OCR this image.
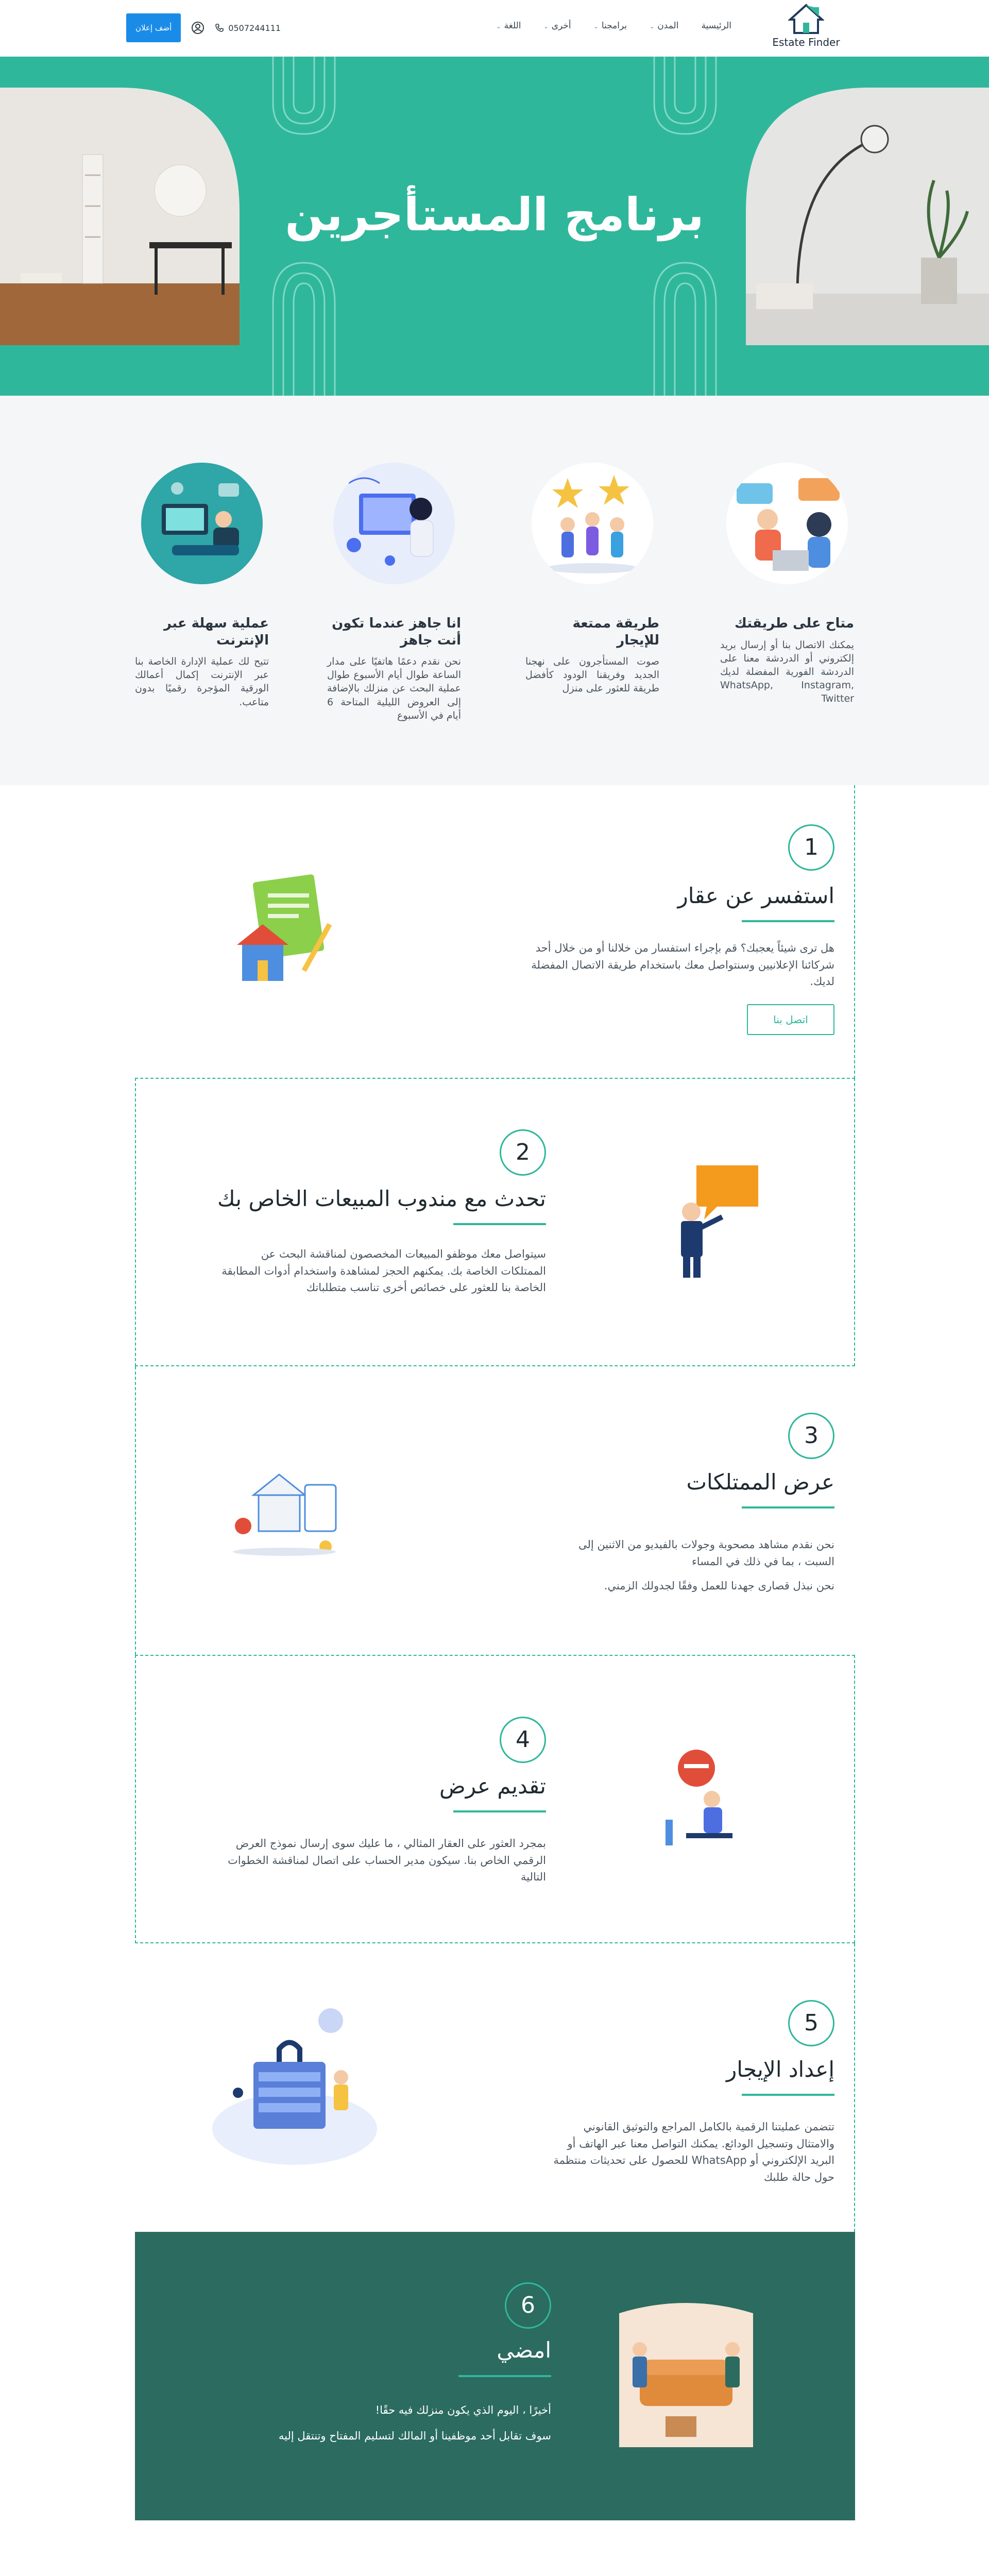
Estate Finder
الرئيسية
المدن⌄
برامجنا⌄
أخرى⌄
اللغة⌄
أضف إعلان	0507244111
برنامج المستأجرين
متاح على طريقتك

يمكنك الاتصال بنا أو إرسال بريد إلكتروني أو الدردشة معنا على الدردشة الفورية المفضلة لديك WhatsApp, Instagram, Twitter

طريقة ممتعة للإيجار

صوت المستأجرون على نهجنا الجديد وفريقنا الودود كأفضل طريقة للعثور على منزل

انا جاهز عندما تكون أنت جاهز

نحن نقدم دعمًا هاتفيًا على مدار الساعة طوال أيام الأسبوع طوال عملية البحث عن منزلك بالإضافة إلى العروض الليلية المتاحة 6 أيام في الأسبوع

عملية سهلة عبر الإنترنت

تتيح لك عملية الإدارة الخاصة بنا عبر الإنترنت إكمال أعمالك الورقية المؤجرة رقميًا بدون متاعب.

1
استفسر عن عقار

هل ترى شيئاً يعجبك؟ قم بإجراء استفسار من خلالنا أو من خلال أحد شركائنا الإعلانيين وسنتواصل معك باستخدام طريقة الاتصال المفضلة لديك.

اتصل بنا
2
تحدث مع مندوب المبيعات الخاص بك

سيتواصل معك موظفو المبيعات المخصصون لمناقشة البحث عن الممتلكات الخاصة بك. يمكنهم الحجز لمشاهدة واستخدام أدوات المطابقة الخاصة بنا للعثور على خصائص أخرى تناسب متطلباتك

3
عرض الممتلكات

نحن نقدم مشاهد مصحوبة وجولات بالفيديو من الاثنين إلى السبت ، بما في ذلك في المساء

نحن نبذل قصارى جهدنا للعمل وفقًا لجدولك الزمني.

4
تقديم عرض

بمجرد العثور على العقار المثالي ، ما عليك سوى إرسال نموذج العرض الرقمي الخاص بنا. سيكون مدير الحساب على اتصال لمناقشة الخطوات التالية

5
إعداد الإيجار

تتضمن عمليتنا الرقمية بالكامل المراجع والتوثيق القانوني والامتثال وتسجيل الودائع. يمكنك التواصل معنا عبر الهاتف أو البريد الإلكتروني أو WhatsApp للحصول على تحديثات منتظمة حول حالة طلبك

6
امضي

أخيرًا ، اليوم الذي يكون منزلك فيه حقًا!

سوف تقابل أحد موظفينا أو المالك لتسليم المفتاح وتنتقل إليه
